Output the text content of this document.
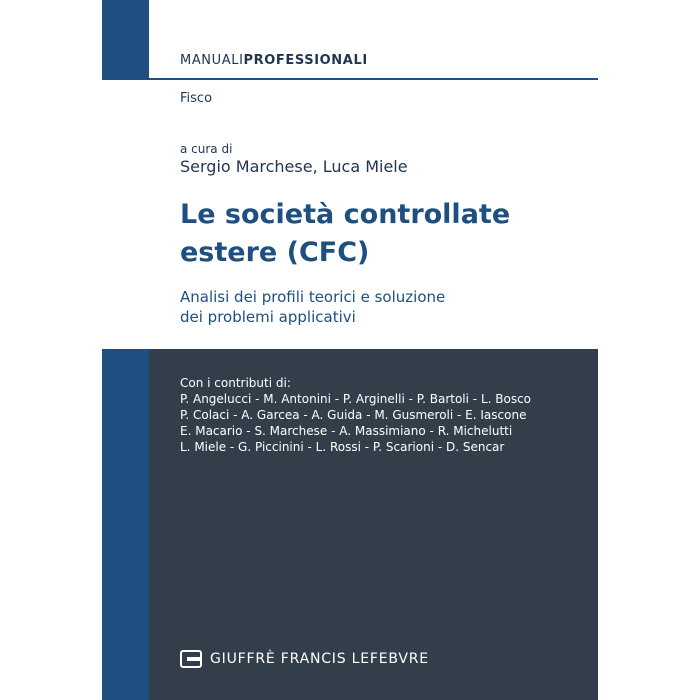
MANUALIPROFESSIONALI
Fisco
a cura di
Sergio Marchese, Luca Miele
Le società controllate
estere (CFC)

Analisi dei profili teorici e soluzione
dei problemi applicativi

Con i contributi di:
P. Angelucci - M. Antonini - P. Arginelli - P. Bartoli - L. Bosco
P. Colaci - A. Garcea - A. Guida - M. Gusmeroli - E. Iascone
E. Macario - S. Marchese - A. Massimiano - R. Michelutti
L. Miele - G. Piccinini - L. Rossi - P. Scarioni - D. Sencar
GIUFFRÈ FRANCIS LEFEBVRE
